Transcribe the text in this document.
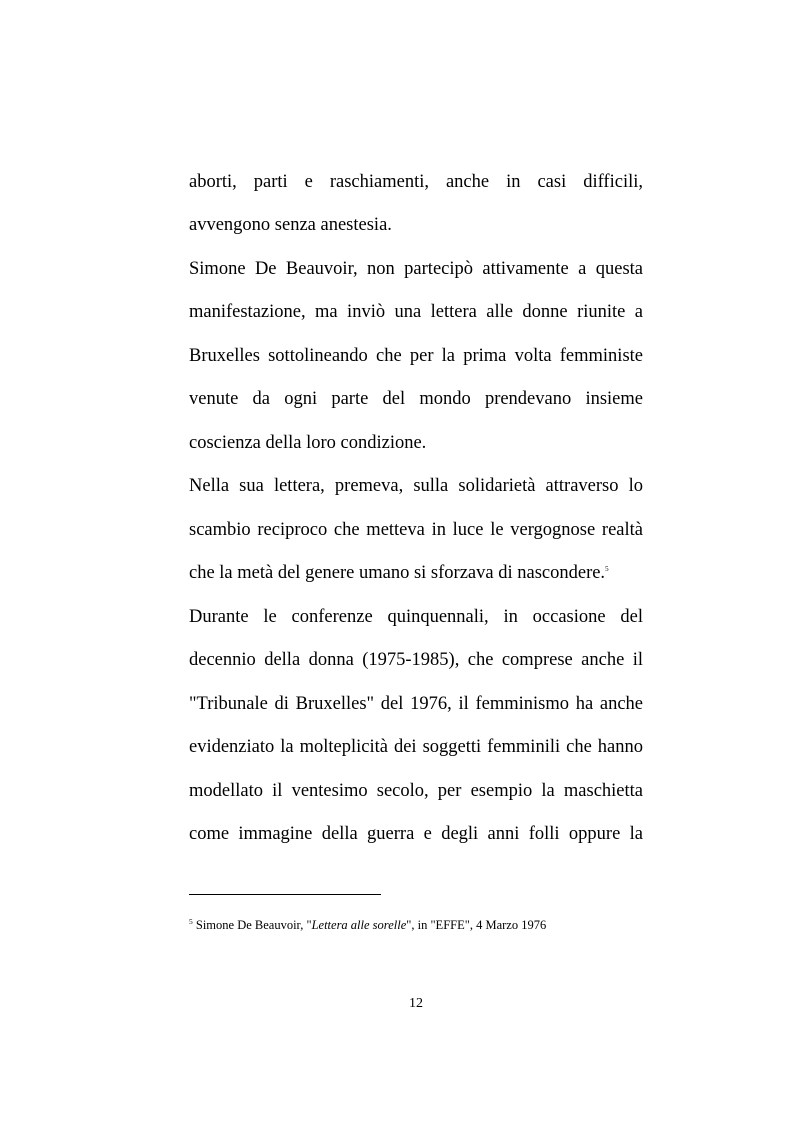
aborti, parti e raschiamenti, anche in casi difficili,
avvengono senza anestesia.
Simone De Beauvoir, non partecipò attivamente a questa
manifestazione, ma inviò una lettera alle donne riunite a
Bruxelles sottolineando che per la prima volta femministe
venute da ogni parte del mondo prendevano insieme
coscienza della loro condizione.
Nella sua lettera, premeva, sulla solidarietà attraverso lo
scambio reciproco che metteva in luce le vergognose realtà
che la metà del genere umano si sforzava di nascondere.$^5$
Durante le conferenze quinquennali, in occasione del
decennio della donna (1975-1985), che comprese anche il
"Tribunale di Bruxelles" del 1976, il femminismo ha anche
evidenziato la molteplicità dei soggetti femminili che hanno
modellato il ventesimo secolo, per esempio la maschietta
come immagine della guerra e degli anni folli oppure la
$^5$ Simone De Beauvoir, "Lettera alle sorelle", in "EFFE", 4 Marzo 1976
12
